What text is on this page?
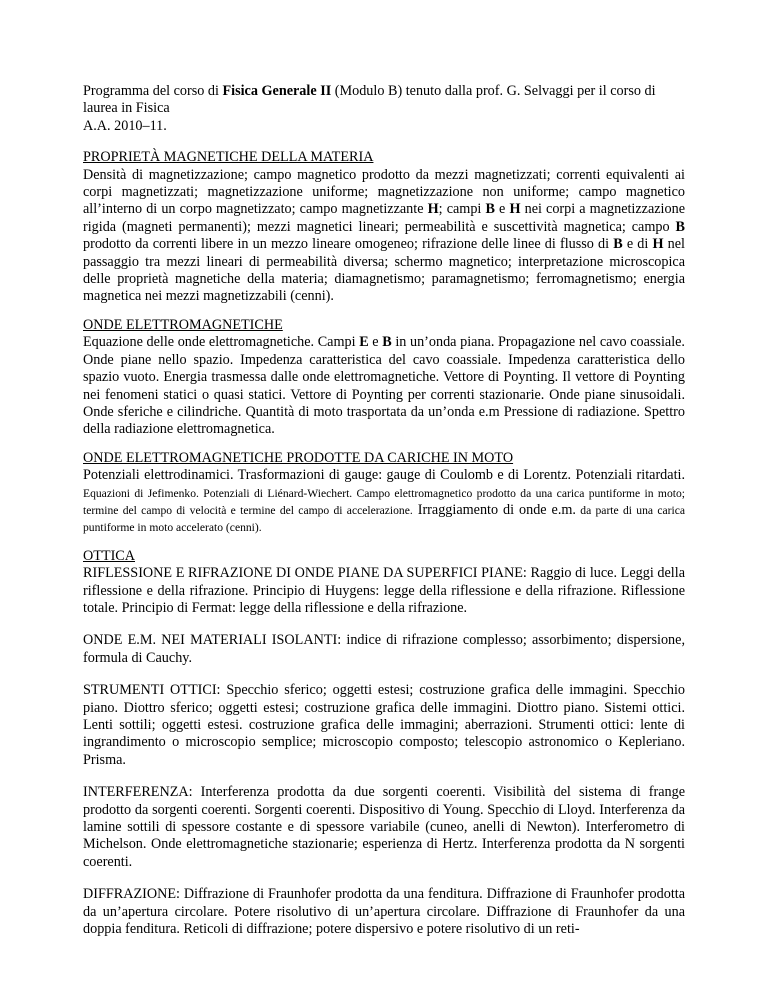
Programma del corso di Fisica Generale II (Modulo B) tenuto dalla prof. G. Selvaggi per il corso di laurea in Fisica
A.A. 2010–11.

PROPRIETÀ MAGNETICHE DELLA MATERIA

Densità di magnetizzazione; campo magnetico prodotto da mezzi magnetizzati; correnti equivalenti ai corpi magnetizzati; magnetizzazione uniforme; magnetizzazione non uniforme; campo magnetico all’interno di un corpo magnetizzato; campo magnetizzante H; campi B e H nei corpi a magnetizzazione rigida (magneti permanenti); mezzi magnetici lineari; permeabilità e suscettività magnetica; campo B prodotto da correnti libere in un mezzo lineare omogeneo; rifrazione delle linee di flusso di B e di H nel passaggio tra mezzi lineari di permeabilità diversa; schermo magnetico; interpretazione microscopica delle proprietà magnetiche della materia; diamagnetismo; paramagnetismo; ferromagnetismo; energia magnetica nei mezzi magnetizzabili (cenni).

ONDE ELETTROMAGNETICHE

Equazione delle onde elettromagnetiche. Campi E e B in un’onda piana. Propagazione nel cavo coassiale. Onde piane nello spazio. Impedenza caratteristica del cavo coassiale. Impedenza caratteristica dello spazio vuoto. Energia trasmessa dalle onde elettromagnetiche. Vettore di Poynting. Il vettore di Poynting nei fenomeni statici o quasi statici. Vettore di Poynting per correnti stazionarie. Onde piane sinusoidali. Onde sferiche e cilindriche. Quantità di moto trasportata da un’onda e.m Pressione di radiazione. Spettro della radiazione elettromagnetica.

ONDE ELETTROMAGNETICHE PRODOTTE DA CARICHE IN MOTO

Potenziali elettrodinamici. Trasformazioni di gauge: gauge di Coulomb e di Lorentz. Potenziali ritardati. Equazioni di Jefimenko. Potenziali di Liénard-Wiechert. Campo elettromagnetico prodotto da una carica puntiforme in moto; termine del campo di velocità e termine del campo di accelerazione. Irraggiamento di onde e.m. da parte di una carica puntiforme in moto accelerato (cenni).

OTTICA

RIFLESSIONE E RIFRAZIONE DI ONDE PIANE DA SUPERFICI PIANE: Raggio di luce. Leggi della riflessione e della rifrazione. Principio di Huygens: legge della riflessione e della rifrazione. Riflessione totale. Principio di Fermat: legge della riflessione e della rifrazione.

ONDE E.M. NEI MATERIALI ISOLANTI: indice di rifrazione complesso; assorbimento; dispersione, formula di Cauchy.

STRUMENTI OTTICI: Specchio sferico; oggetti estesi; costruzione grafica delle immagini. Specchio piano. Diottro sferico; oggetti estesi; costruzione grafica delle immagini. Diottro piano. Sistemi ottici. Lenti sottili; oggetti estesi. costruzione grafica delle immagini; aberrazioni. Strumenti ottici: lente di ingrandimento o microscopio semplice; microscopio composto; telescopio astronomico o Kepleriano. Prisma.

INTERFERENZA: Interferenza prodotta da due sorgenti coerenti. Visibilità del sistema di frange prodotto da sorgenti coerenti. Sorgenti coerenti. Dispositivo di Young. Specchio di Lloyd. Interferenza da lamine sottili di spessore costante e di spessore variabile (cuneo, anelli di Newton). Interferometro di Michelson. Onde elettromagnetiche stazionarie; esperienza di Hertz. Interferenza prodotta da N sorgenti coerenti.

DIFFRAZIONE: Diffrazione di Fraunhofer prodotta da una fenditura. Diffrazione di Fraunhofer prodotta da un’apertura circolare. Potere risolutivo di un’apertura circolare. Diffrazione di Fraunhofer da una doppia fenditura. Reticoli di diffrazione; potere dispersivo e potere risolutivo di un reti-
